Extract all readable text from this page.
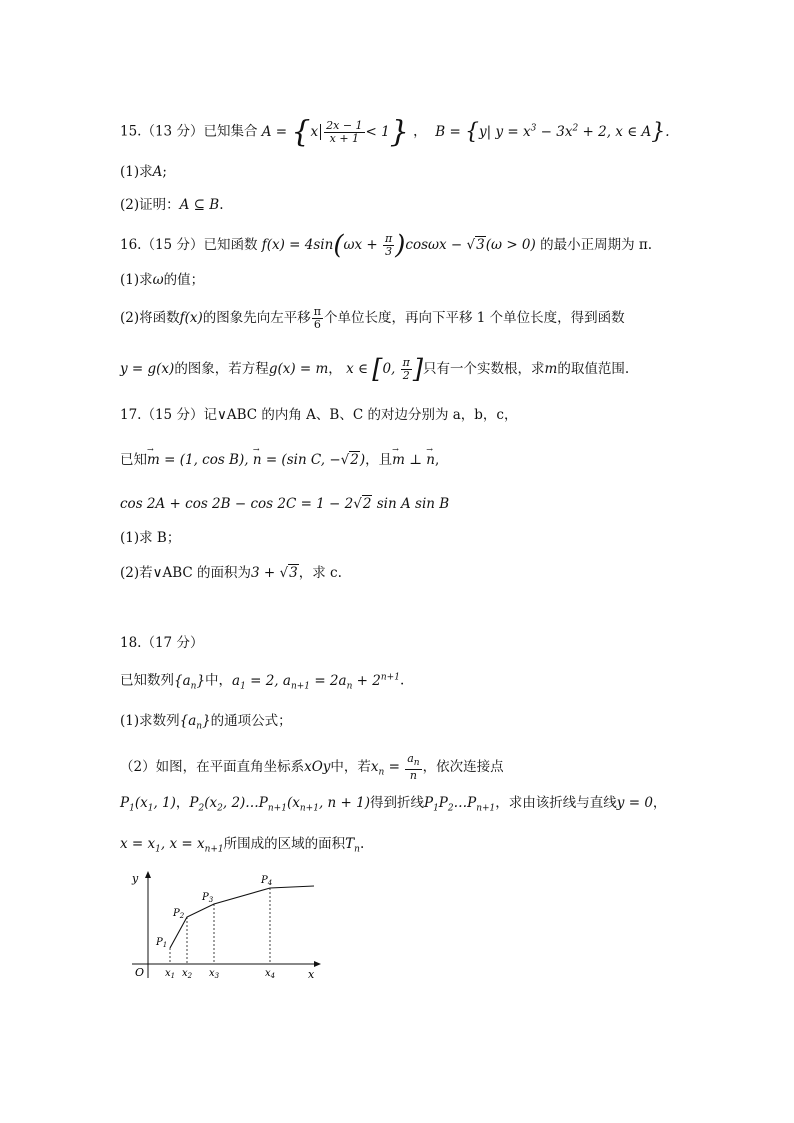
15.（13 分）已知集合 $A = \{x \frac{2x - 1}{x + 1} < 1\}$ ，  B = {y| $y = x^3 - 3x^2 + 2$, x ∈ A}.
(1)求A;
(2)证明：A ⊆ B.
16.（15 分）已知函数 $f(x) = 4\sin(\omega x + \frac{\pi}{3} )\cos\omega x - √3(\omega > 0)$ 的最小正周期为 π.
(1)求ω的值；
(2)将函数f(x)的图象先向左平移 $\frac{\pi}{6}$ 个单位长度，再向下平移 1 个单位长度，得到函数
y = g(x)的图象，若方程g(x) = m， x ∈ [0, $\frac{\pi}{2}$ ]只有一个实数根，求m的取值范围.
17.（15 分）记∨ABC 的内角 A、B、C 的对边分别为 a，b，c，
已知→ m = (1, cos B), → n = (sin C, −√2)，且→ m ⊥ → n,
cos 2A + cos 2B − cos 2C = 1 − 2√2 sin A sin B
(1)求 B；
(2)若∨ABC 的面积为3 + √3，求 c.
18.（17 分）
已知数列$\{a_n\}$中，$a_1 = 2$, $a_{n+1} = 2a_n + 2^{n+1}$.
(1)求数列$\{a_n\}$的通项公式；
（2）如图，在平面直角坐标系xOy中，若$x_n = \frac{a_n}{n}$ ，依次连接点
$P_1(x_1$, 1)，$P_2(x_2$, $2)\dots P_{n+1}(x_{n+1}$, n + 1)得到折线$P_1P_2\dots P_{n+1}$，求由该折线与直线y = 0，
$x = x_1$, $x = x_{n+1}$所围成的区域的面积$T_n$.
y
x
O
$P_1$
$P_2$
$P_3$
$P_4$
$x_1$ $x_2$ $x_3$	$x_4$
